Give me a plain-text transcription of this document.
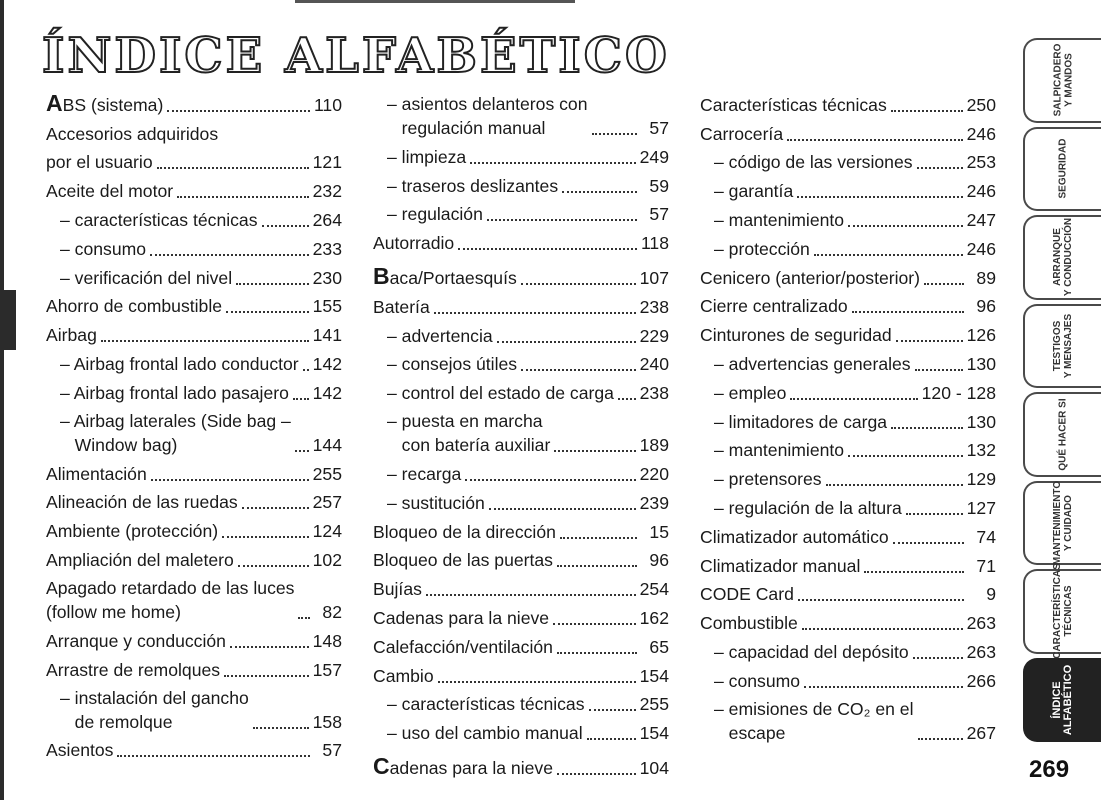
ÍNDICE ALFABÉTICO
ABS (sistema)	110
Accesorios adquiridos
por el usuario	121
Aceite del motor	232
– características técnicas	264
– consumo	233
– verificación del nivel	230
Ahorro de combustible	155
Airbag	141
– Airbag frontal lado conductor 142
– Airbag frontal lado pasajero 142
– Airbag laterales (Side bag –
Window bag)	144
Alimentación	255
Alineación de las ruedas	257
Ambiente (protección)	124
Ampliación del maletero	102
Apagado retardado de las luces
(follow me home)	82
Arranque y conducción	148
Arrastre de remolques	157
– instalación del gancho
de remolque	158
Asientos	57
– asientos delanteros con
regulación manual	57
– limpieza	249
– traseros deslizantes	59
– regulación	57
Autorradio	118
Baca/Portaesquís	107
Batería	238
– advertencia	229
– consejos útiles	240
– control del estado de carga 238
– puesta en marcha
con batería auxiliar	189
– recarga	220
– sustitución	239
Bloqueo de la dirección	15
Bloqueo de las puertas	96
Bujías	254
Cadenas para la nieve	162
Calefacción/ventilación	65
Cambio	154
– características técnicas	255
– uso del cambio manual	154
Cadenas para la nieve	104
Características técnicas	250
Carrocería	246
– código de las versiones	253
– garantía	246
– mantenimiento	247
– protección	246
Cenicero (anterior/posterior)	89
Cierre centralizado	96
Cinturones de seguridad	126
– advertencias generales	130
– empleo	120 - 128
– limitadores de carga	130
– mantenimiento	132
– pretensores	129
– regulación de la altura	127
Climatizador automático	74
Climatizador manual	71
CODE Card	9
Combustible	263
– capacidad del depósito	263
– consumo	266
– emisiones de CO₂ en el
escape	267
SALPICADERO
Y MANDOS
SEGURIDAD
ARRANQUE
Y CONDUCCIÓN
TESTIGOS
Y MENSAJES
QUÉ HACER SI
MANTENIMIENTO
Y CUIDADO
CARACTERÍSTICAS
TÉCNICAS
ÍNDICE
ALFABÉTICO
269
